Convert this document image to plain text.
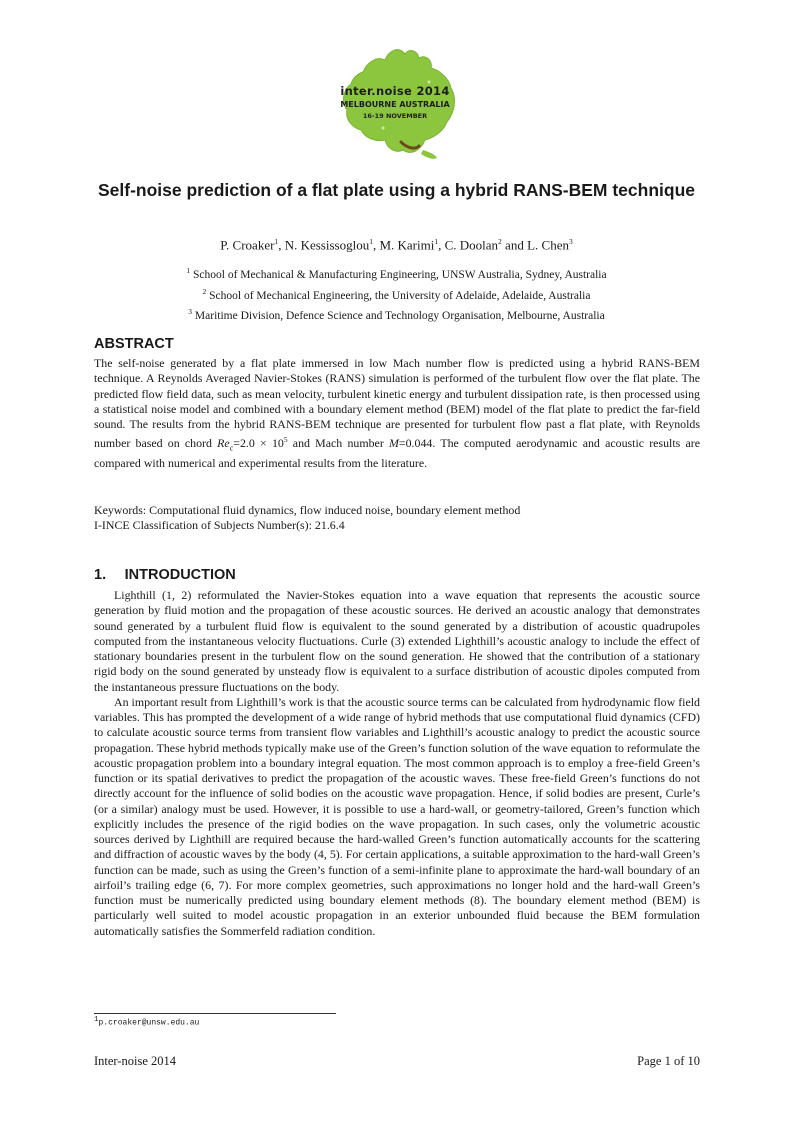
inter.noise 2014
MELBOURNE AUSTRALIA
16-19 NOVEMBER
Self-noise prediction of a flat plate using a hybrid RANS-BEM technique
P. Croaker$^1$, N. Kessissoglou$^1$, M. Karimi$^1$, C. Doolan$^2$ and L. Chen$^3$
$^1$ School of Mechanical & Manufacturing Engineering, UNSW Australia, Sydney, Australia
$^2$ School of Mechanical Engineering, the University of Adelaide, Adelaide, Australia
$^3$ Maritime Division, Defence Science and Technology Organisation, Melbourne, Australia
ABSTRACT

The self-noise generated by a flat plate immersed in low Mach number flow is predicted using a hybrid RANS-BEM technique. A Reynolds Averaged Navier-Stokes (RANS) simulation is performed of the turbulent flow over the flat plate. The predicted flow field data, such as mean velocity, turbulent kinetic energy and turbulent dissipation rate, is then processed using a statistical noise model and combined with a boundary element method (BEM) model of the flat plate to predict the far-field sound. The results from the hybrid RANS-BEM technique are presented for turbulent flow past a flat plate, with Reynolds number based on chord $Re_c=2.0 \times 10^5$ and Mach number M=0.044. The computed aerodynamic and acoustic results are compared with numerical and experimental results from the literature.

Keywords: Computational fluid dynamics, flow induced noise, boundary element method
I-INCE Classification of Subjects Number(s): 21.6.4
1.  INTRODUCTION

Lighthill (1, 2) reformulated the Navier-Stokes equation into a wave equation that represents the acoustic source generation by fluid motion and the propagation of these acoustic sources. He derived an acoustic analogy that demonstrates sound generated by a turbulent fluid flow is equivalent to the sound generated by a distribution of acoustic quadrupoles computed from the instantaneous velocity fluctuations. Curle (3) extended Lighthill’s acoustic analogy to include the effect of stationary boundaries present in the turbulent flow on the sound generation. He showed that the contribution of a stationary rigid body on the sound generated by unsteady flow is equivalent to a surface distribution of acoustic dipoles computed from the instantaneous pressure fluctuations on the body.

An important result from Lighthill’s work is that the acoustic source terms can be calculated from hydrodynamic flow field variables. This has prompted the development of a wide range of hybrid methods that use computational fluid dynamics (CFD) to calculate acoustic source terms from transient flow variables and Lighthill’s acoustic analogy to predict the acoustic source propagation. These hybrid methods typically make use of the Green’s function solution of the wave equation to reformulate the acoustic propagation problem into a boundary integral equation. The most common approach is to employ a free-field Green’s function or its spatial derivatives to predict the propagation of the acoustic waves. These free-field Green’s functions do not directly account for the influence of solid bodies on the acoustic wave propagation. Hence, if solid bodies are present, Curle’s (or a similar) analogy must be used. However, it is possible to use a hard-wall, or geometry-tailored, Green’s function which explicitly includes the presence of the rigid bodies on the wave propagation. In such cases, only the volumetric acoustic sources derived by Lighthill are required because the hard-walled Green’s function automatically accounts for the scattering and diffraction of acoustic waves by the body (4, 5). For certain applications, a suitable approximation to the hard-wall Green’s function can be made, such as using the Green’s function of a semi-infinite plane to approximate the hard-wall boundary of an airfoil’s trailing edge (6, 7). For more complex geometries, such approximations no longer hold and the hard-wall Green’s function must be numerically predicted using boundary element methods (8). The boundary element method (BEM) is particularly well suited to model acoustic propagation in an exterior unbounded fluid because the BEM formulation automatically satisfies the Sommerfeld radiation condition.

$^1$p.croaker@unsw.edu.au
Inter-noise 2014	Page 1 of 10
